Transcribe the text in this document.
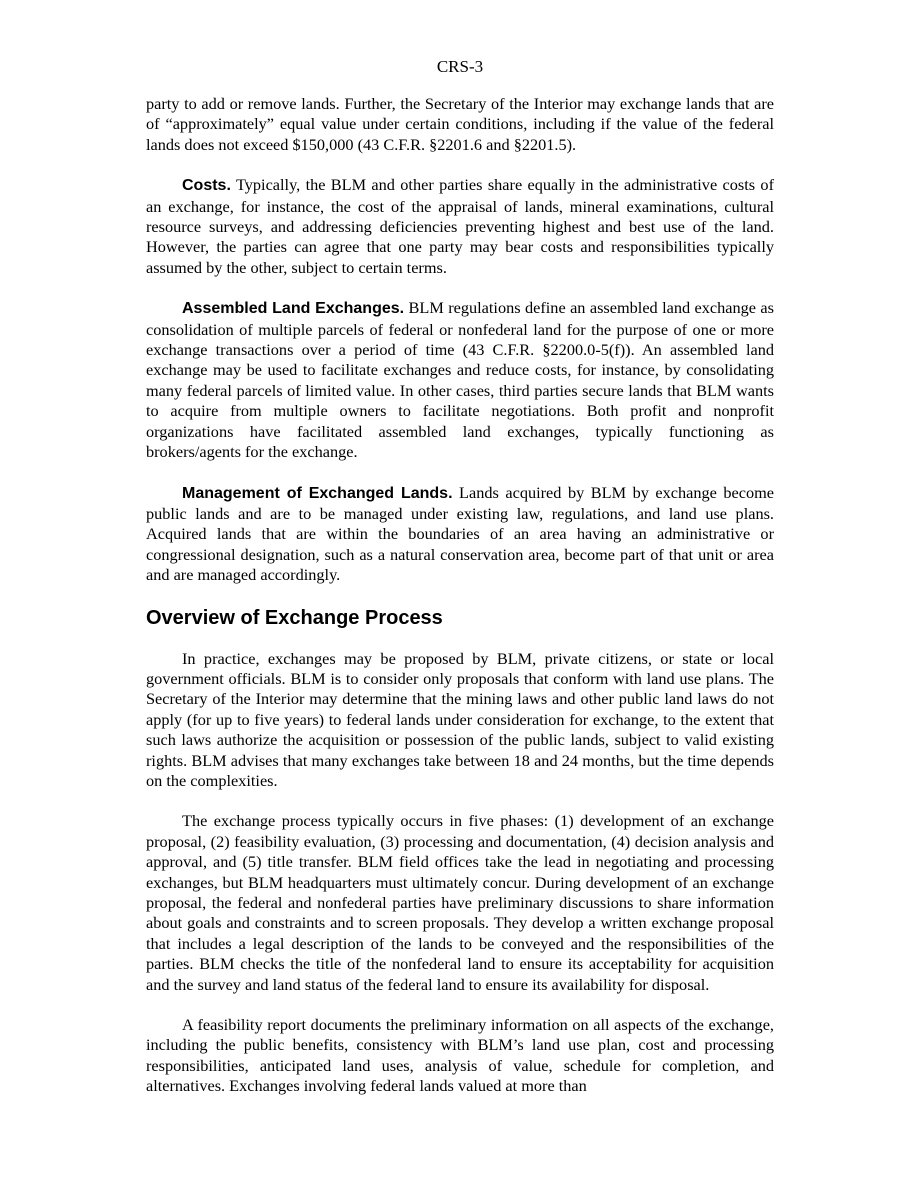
CRS-3

party to add or remove lands. Further, the Secretary of the Interior may exchange lands that are of “approximately” equal value under certain conditions, including if the value of the federal lands does not exceed $150,000 (43 C.F.R. §2201.6 and §2201.5).

Costs. Typically, the BLM and other parties share equally in the administrative costs of an exchange, for instance, the cost of the appraisal of lands, mineral examinations, cultural resource surveys, and addressing deficiencies preventing highest and best use of the land. However, the parties can agree that one party may bear costs and responsibilities typically assumed by the other, subject to certain terms.

Assembled Land Exchanges. BLM regulations define an assembled land exchange as consolidation of multiple parcels of federal or nonfederal land for the purpose of one or more exchange transactions over a period of time (43 C.F.R. §2200.0-5(f)). An assembled land exchange may be used to facilitate exchanges and reduce costs, for instance, by consolidating many federal parcels of limited value. In other cases, third parties secure lands that BLM wants to acquire from multiple owners to facilitate negotiations. Both profit and nonprofit organizations have facilitated assembled land exchanges, typically functioning as brokers/agents for the exchange.

Management of Exchanged Lands. Lands acquired by BLM by exchange become public lands and are to be managed under existing law, regulations, and land use plans. Acquired lands that are within the boundaries of an area having an administrative or congressional designation, such as a natural conservation area, become part of that unit or area and are managed accordingly.

Overview of Exchange Process

In practice, exchanges may be proposed by BLM, private citizens, or state or local government officials. BLM is to consider only proposals that conform with land use plans. The Secretary of the Interior may determine that the mining laws and other public land laws do not apply (for up to five years) to federal lands under consideration for exchange, to the extent that such laws authorize the acquisition or possession of the public lands, subject to valid existing rights. BLM advises that many exchanges take between 18 and 24 months, but the time depends on the complexities.

The exchange process typically occurs in five phases: (1) development of an exchange proposal, (2) feasibility evaluation, (3) processing and documentation, (4) decision analysis and approval, and (5) title transfer. BLM field offices take the lead in negotiating and processing exchanges, but BLM headquarters must ultimately concur. During development of an exchange proposal, the federal and nonfederal parties have preliminary discussions to share information about goals and constraints and to screen proposals. They develop a written exchange proposal that includes a legal description of the lands to be conveyed and the responsibilities of the parties. BLM checks the title of the nonfederal land to ensure its acceptability for acquisition and the survey and land status of the federal land to ensure its availability for disposal.

A feasibility report documents the preliminary information on all aspects of the exchange, including the public benefits, consistency with BLM’s land use plan, cost and processing responsibilities, anticipated land uses, analysis of value, schedule for completion, and alternatives. Exchanges involving federal lands valued at more than
